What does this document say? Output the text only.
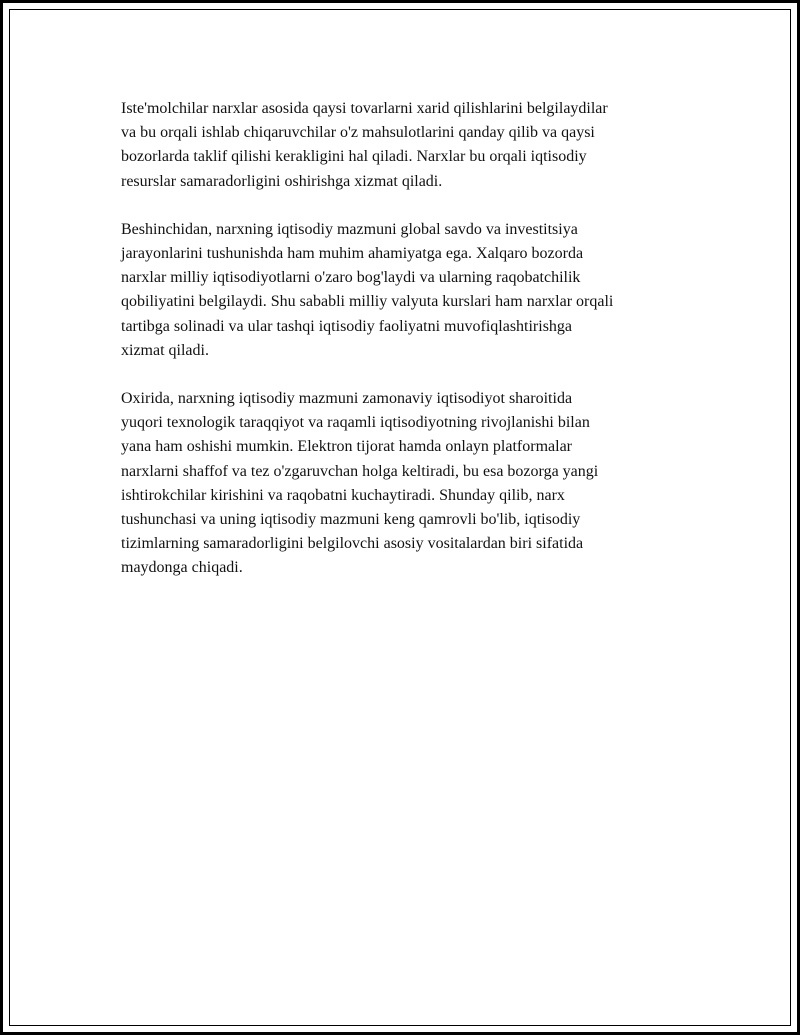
Iste'molchilar narxlar asosida qaysi tovarlarni xarid qilishlarini belgilaydilar
va bu orqali ishlab chiqaruvchilar o'z mahsulotlarini qanday qilib va qaysi
bozorlarda taklif qilishi kerakligini hal qiladi. Narxlar bu orqali iqtisodiy
resurslar samaradorligini oshirishga xizmat qiladi.

Beshinchidan, narxning iqtisodiy mazmuni global savdo va investitsiya
jarayonlarini tushunishda ham muhim ahamiyatga ega. Xalqaro bozorda
narxlar milliy iqtisodiyotlarni o'zaro bog'laydi va ularning raqobatchilik
qobiliyatini belgilaydi. Shu sababli milliy valyuta kurslari ham narxlar orqali
tartibga solinadi va ular tashqi iqtisodiy faoliyatni muvofiqlashtirishga
xizmat qiladi.

Oxirida, narxning iqtisodiy mazmuni zamonaviy iqtisodiyot sharoitida
yuqori texnologik taraqqiyot va raqamli iqtisodiyotning rivojlanishi bilan
yana ham oshishi mumkin. Elektron tijorat hamda onlayn platformalar
narxlarni shaffof va tez o'zgaruvchan holga keltiradi, bu esa bozorga yangi
ishtirokchilar kirishini va raqobatni kuchaytiradi. Shunday qilib, narx
tushunchasi va uning iqtisodiy mazmuni keng qamrovli bo'lib, iqtisodiy
tizimlarning samaradorligini belgilovchi asosiy vositalardan biri sifatida
maydonga chiqadi.
